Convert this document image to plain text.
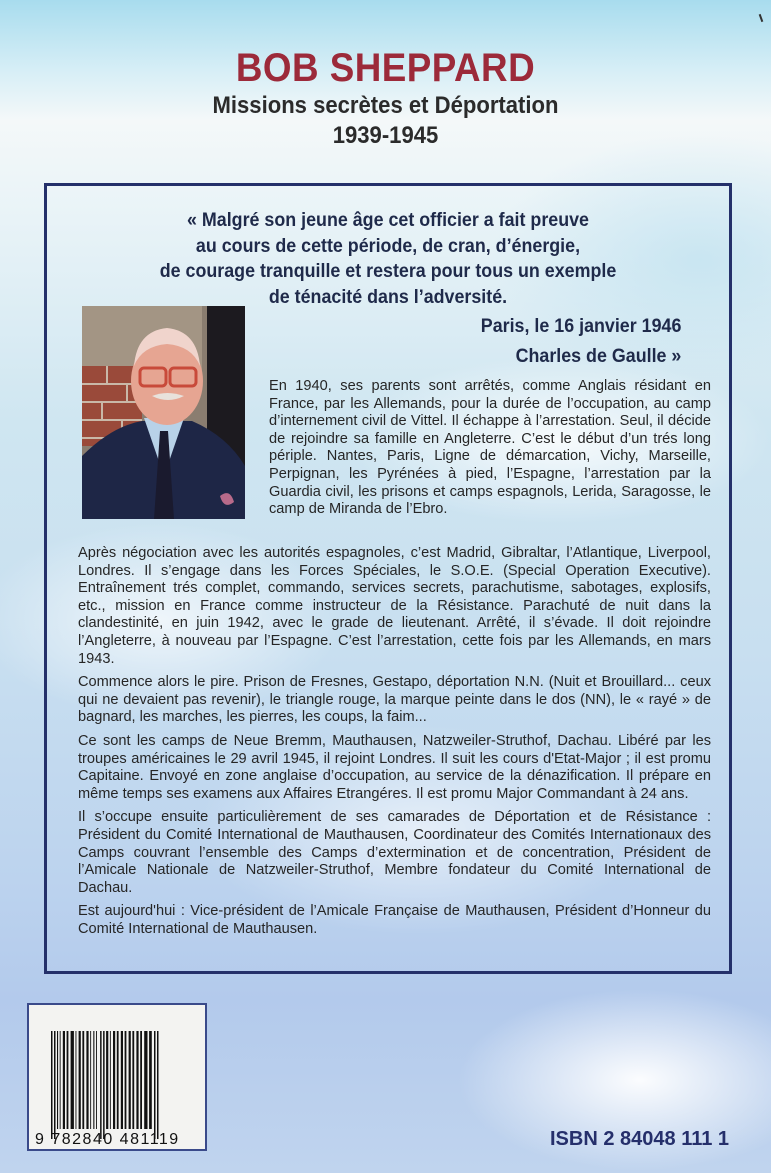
BOB SHEPPARD
Missions secrètes et Déportation
1939-1945
« Malgré son jeune âge cet officier a fait preuve
au cours de cette période, de cran, d’énergie,
de courage tranquille et restera pour tous un exemple
de ténacité dans l’adversité.
Paris, le 16 janvier 1946
Charles de Gaulle »

En 1940, ses parents sont arrêtés, comme Anglais résidant en France, par les Allemands, pour la durée de l’occupation, au camp d’internement civil de Vittel. Il échappe à l’arrestation. Seul, il décide de rejoindre sa famille en Angleterre. C’est le début d’un trés long périple. Nantes, Paris, Ligne de démarcation, Vichy, Marseille, Perpignan, les Pyrénées à pied, l’Espagne, l’arrestation par la Guardia civil, les prisons et camps espagnols, Lerida, Saragosse, le camp de Miranda de l’Ebro.

Après négociation avec les autorités espagnoles, c’est Madrid, Gibraltar, l’Atlantique, Liverpool, Londres. Il s’engage dans les Forces Spéciales, le S.O.E. (Special Operation Executive). Entraînement trés complet, commando, services secrets, parachutisme, sabotages, explosifs, etc., mission en France comme instructeur de la Résistance. Parachuté de nuit dans la clandestinité, en juin 1942, avec le grade de lieutenant. Arrêté, il s’évade. Il doit rejoindre l’Angleterre, à nouveau par l’Espagne. C’est l’arrestation, cette fois par les Allemands, en mars 1943.

Commence alors le pire. Prison de Fresnes, Gestapo, déportation N.N. (Nuit et Brouillard... ceux qui ne devaient pas revenir), le triangle rouge, la marque peinte dans le dos (NN), le « rayé » de bagnard, les marches, les pierres, les coups, la faim...

Ce sont les camps de Neue Bremm, Mauthausen, Natzweiler-Struthof, Dachau. Libéré par les troupes américaines le 29 avril 1945, il rejoint Londres. Il suit les cours d'Etat-Major ; il est promu Capitaine. Envoyé en zone anglaise d’occupation, au service de la dénazification. Il prépare en même temps ses examens aux Affaires Etrangéres. Il est promu Major Commandant à 24 ans.

Il s’occupe ensuite particulièrement de ses camarades de Déportation et de Résistance : Président du Comité International de Mauthausen, Coordinateur des Comités Internationaux des Camps couvrant l’ensemble des Camps d’extermination et de concentration, Président de l’Amicale Nationale de Natzweiler-Struthof, Membre fondateur du Comité International de Dachau.

Est aujourd'hui : Vice-président de l’Amicale Française de Mauthausen, Président d’Honneur du Comité International de Mauthausen.

9 782840 481119	ISBN 2 84048 111 1
